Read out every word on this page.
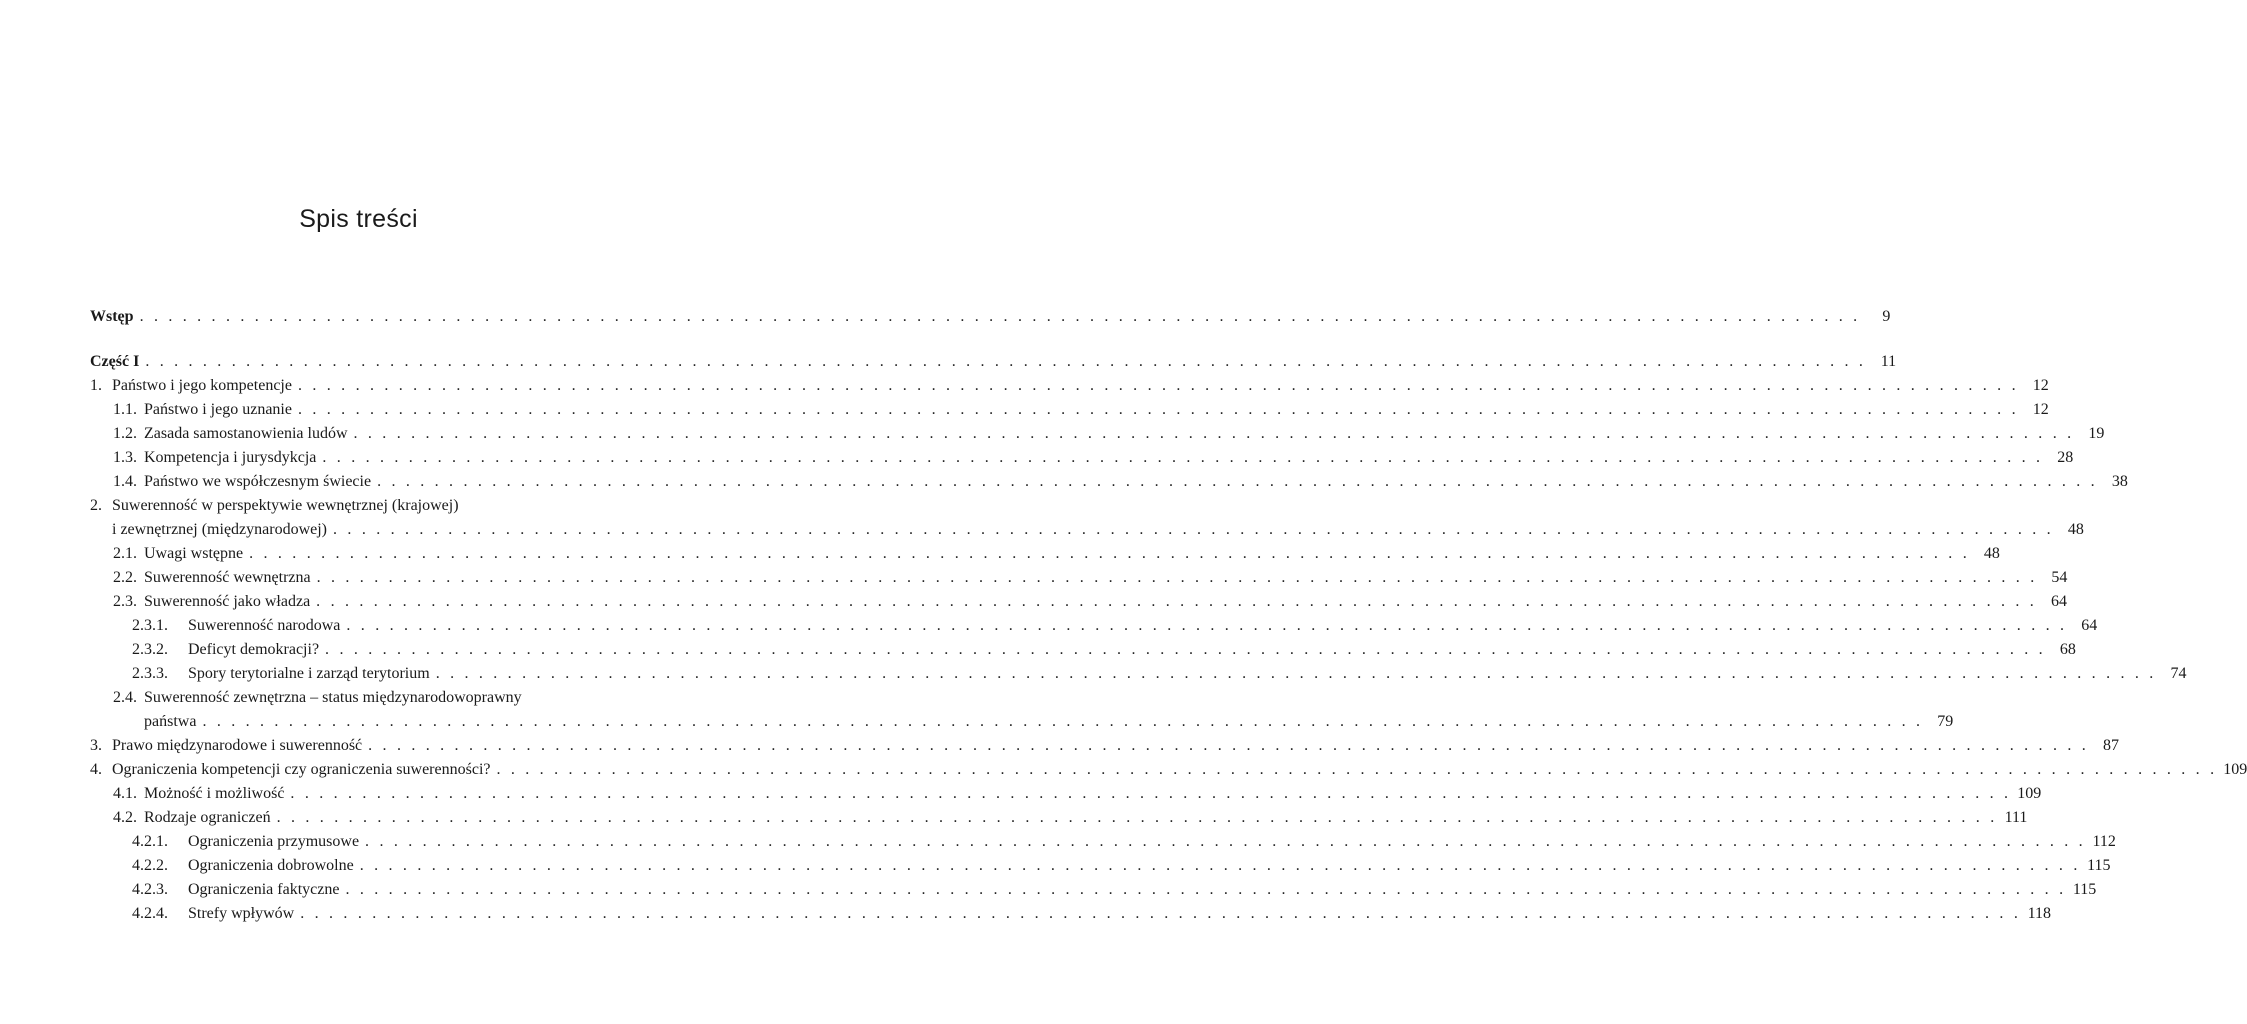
Spis treści
Wstęp . . . . . . . . . . . . . . . . . . . . . . . . . . . . . . . . . . . . . . . . . . . . . . . . . . . . . . . . . . . . . . . . . . . . . . . . . . . . . . . . . . . . . . . . . . . . . . . . . . . . . . . . . . . . . . . . . . . . . . . .	9
Część I . . . . . . . . . . . . . . . . . . . . . . . . . . . . . . . . . . . . . . . . . . . . . . . . . . . . . . . . . . . . . . . . . . . . . . . . . . . . . . . . . . . . . . . . . . . . . . . . . . . . . . . . . . . . . . . . . . . . . . . . 11
1. Państwo i jego kompetencje . . . . . . . . . . . . . . . . . . . . . . . . . . . . . . . . . . . . . . . . . . . . . . . . . . . . . . . . . . . . . . . . . . . . . . . . . . . . . . . . . . . . . . . . . . . . . . . . . . . . . . . . . . . . . . . . . . . . . . . . 12
1.1. Państwo i jego uznanie . . . . . . . . . . . . . . . . . . . . . . . . . . . . . . . . . . . . . . . . . . . . . . . . . . . . . . . . . . . . . . . . . . . . . . . . . . . . . . . . . . . . . . . . . . . . . . . . . . . . . . . . . . . . . . . . . . . . . . . . 12
1.2. Zasada samostanowienia ludów . . . . . . . . . . . . . . . . . . . . . . . . . . . . . . . . . . . . . . . . . . . . . . . . . . . . . . . . . . . . . . . . . . . . . . . . . . . . . . . . . . . . . . . . . . . . . . . . . . . . . . . . . . . . . . . . . . . . . . . . 19
1.3. Kompetencja i jurysdykcja . . . . . . . . . . . . . . . . . . . . . . . . . . . . . . . . . . . . . . . . . . . . . . . . . . . . . . . . . . . . . . . . . . . . . . . . . . . . . . . . . . . . . . . . . . . . . . . . . . . . . . . . . . . . . . . . . . . . . . . . 28
1.4. Państwo we współczesnym świecie . . . . . . . . . . . . . . . . . . . . . . . . . . . . . . . . . . . . . . . . . . . . . . . . . . . . . . . . . . . . . . . . . . . . . . . . . . . . . . . . . . . . . . . . . . . . . . . . . . . . . . . . . . . . . . . . . . . . . . . . 38
2. Suwerenność w perspektywie wewnętrznej (krajowej)
i zewnętrznej (międzynarodowej) . . . . . . . . . . . . . . . . . . . . . . . . . . . . . . . . . . . . . . . . . . . . . . . . . . . . . . . . . . . . . . . . . . . . . . . . . . . . . . . . . . . . . . . . . . . . . . . . . . . . . . . . . . . . . . . . . . . . . . . . 48
2.1. Uwagi wstępne . . . . . . . . . . . . . . . . . . . . . . . . . . . . . . . . . . . . . . . . . . . . . . . . . . . . . . . . . . . . . . . . . . . . . . . . . . . . . . . . . . . . . . . . . . . . . . . . . . . . . . . . . . . . . . . . . . . . . . . . 48
2.2. Suwerenność wewnętrzna . . . . . . . . . . . . . . . . . . . . . . . . . . . . . . . . . . . . . . . . . . . . . . . . . . . . . . . . . . . . . . . . . . . . . . . . . . . . . . . . . . . . . . . . . . . . . . . . . . . . . . . . . . . . . . . . . . . . . . . . 54
2.3. Suwerenność jako władza . . . . . . . . . . . . . . . . . . . . . . . . . . . . . . . . . . . . . . . . . . . . . . . . . . . . . . . . . . . . . . . . . . . . . . . . . . . . . . . . . . . . . . . . . . . . . . . . . . . . . . . . . . . . . . . . . . . . . . . . 64
2.3.1.	Suwerenność narodowa . . . . . . . . . . . . . . . . . . . . . . . . . . . . . . . . . . . . . . . . . . . . . . . . . . . . . . . . . . . . . . . . . . . . . . . . . . . . . . . . . . . . . . . . . . . . . . . . . . . . . . . . . . . . . . . . . . . . . . . . 64
2.3.2.	Deficyt demokracji? . . . . . . . . . . . . . . . . . . . . . . . . . . . . . . . . . . . . . . . . . . . . . . . . . . . . . . . . . . . . . . . . . . . . . . . . . . . . . . . . . . . . . . . . . . . . . . . . . . . . . . . . . . . . . . . . . . . . . . . . 68
2.3.3.	Spory terytorialne i zarząd terytorium . . . . . . . . . . . . . . . . . . . . . . . . . . . . . . . . . . . . . . . . . . . . . . . . . . . . . . . . . . . . . . . . . . . . . . . . . . . . . . . . . . . . . . . . . . . . . . . . . . . . . . . . . . . . . . . . . . . . . . . . 74
2.4. Suwerenność zewnętrzna – status międzynarodowoprawny
państwa . . . . . . . . . . . . . . . . . . . . . . . . . . . . . . . . . . . . . . . . . . . . . . . . . . . . . . . . . . . . . . . . . . . . . . . . . . . . . . . . . . . . . . . . . . . . . . . . . . . . . . . . . . . . . . . . . . . . . . . . 79
3. Prawo międzynarodowe i suwerenność . . . . . . . . . . . . . . . . . . . . . . . . . . . . . . . . . . . . . . . . . . . . . . . . . . . . . . . . . . . . . . . . . . . . . . . . . . . . . . . . . . . . . . . . . . . . . . . . . . . . . . . . . . . . . . . . . . . . . . . . 87
4. Ograniczenia kompetencji czy ograniczenia suwerenności? . . . . . . . . . . . . . . . . . . . . . . . . . . . . . . . . . . . . . . . . . . . . . . . . . . . . . . . . . . . . . . . . . . . . . . . . . . . . . . . . . . . . . . . . . . . . . . . . . . . . . . . . . . . . . . . . . . . . . . . . 109
4.1. Możność i możliwość . . . . . . . . . . . . . . . . . . . . . . . . . . . . . . . . . . . . . . . . . . . . . . . . . . . . . . . . . . . . . . . . . . . . . . . . . . . . . . . . . . . . . . . . . . . . . . . . . . . . . . . . . . . . . . . . . . . . . . . . 109
4.2. Rodzaje ograniczeń . . . . . . . . . . . . . . . . . . . . . . . . . . . . . . . . . . . . . . . . . . . . . . . . . . . . . . . . . . . . . . . . . . . . . . . . . . . . . . . . . . . . . . . . . . . . . . . . . . . . . . . . . . . . . . . . . . . . . . . . 111
4.2.1.	Ograniczenia przymusowe . . . . . . . . . . . . . . . . . . . . . . . . . . . . . . . . . . . . . . . . . . . . . . . . . . . . . . . . . . . . . . . . . . . . . . . . . . . . . . . . . . . . . . . . . . . . . . . . . . . . . . . . . . . . . . . . . . . . . . . . 112
4.2.2.	Ograniczenia dobrowolne . . . . . . . . . . . . . . . . . . . . . . . . . . . . . . . . . . . . . . . . . . . . . . . . . . . . . . . . . . . . . . . . . . . . . . . . . . . . . . . . . . . . . . . . . . . . . . . . . . . . . . . . . . . . . . . . . . . . . . . . 115
4.2.3.	Ograniczenia faktyczne . . . . . . . . . . . . . . . . . . . . . . . . . . . . . . . . . . . . . . . . . . . . . . . . . . . . . . . . . . . . . . . . . . . . . . . . . . . . . . . . . . . . . . . . . . . . . . . . . . . . . . . . . . . . . . . . . . . . . . . . 115
4.2.4.	Strefy wpływów . . . . . . . . . . . . . . . . . . . . . . . . . . . . . . . . . . . . . . . . . . . . . . . . . . . . . . . . . . . . . . . . . . . . . . . . . . . . . . . . . . . . . . . . . . . . . . . . . . . . . . . . . . . . . . . . . . . . . . . . 118
